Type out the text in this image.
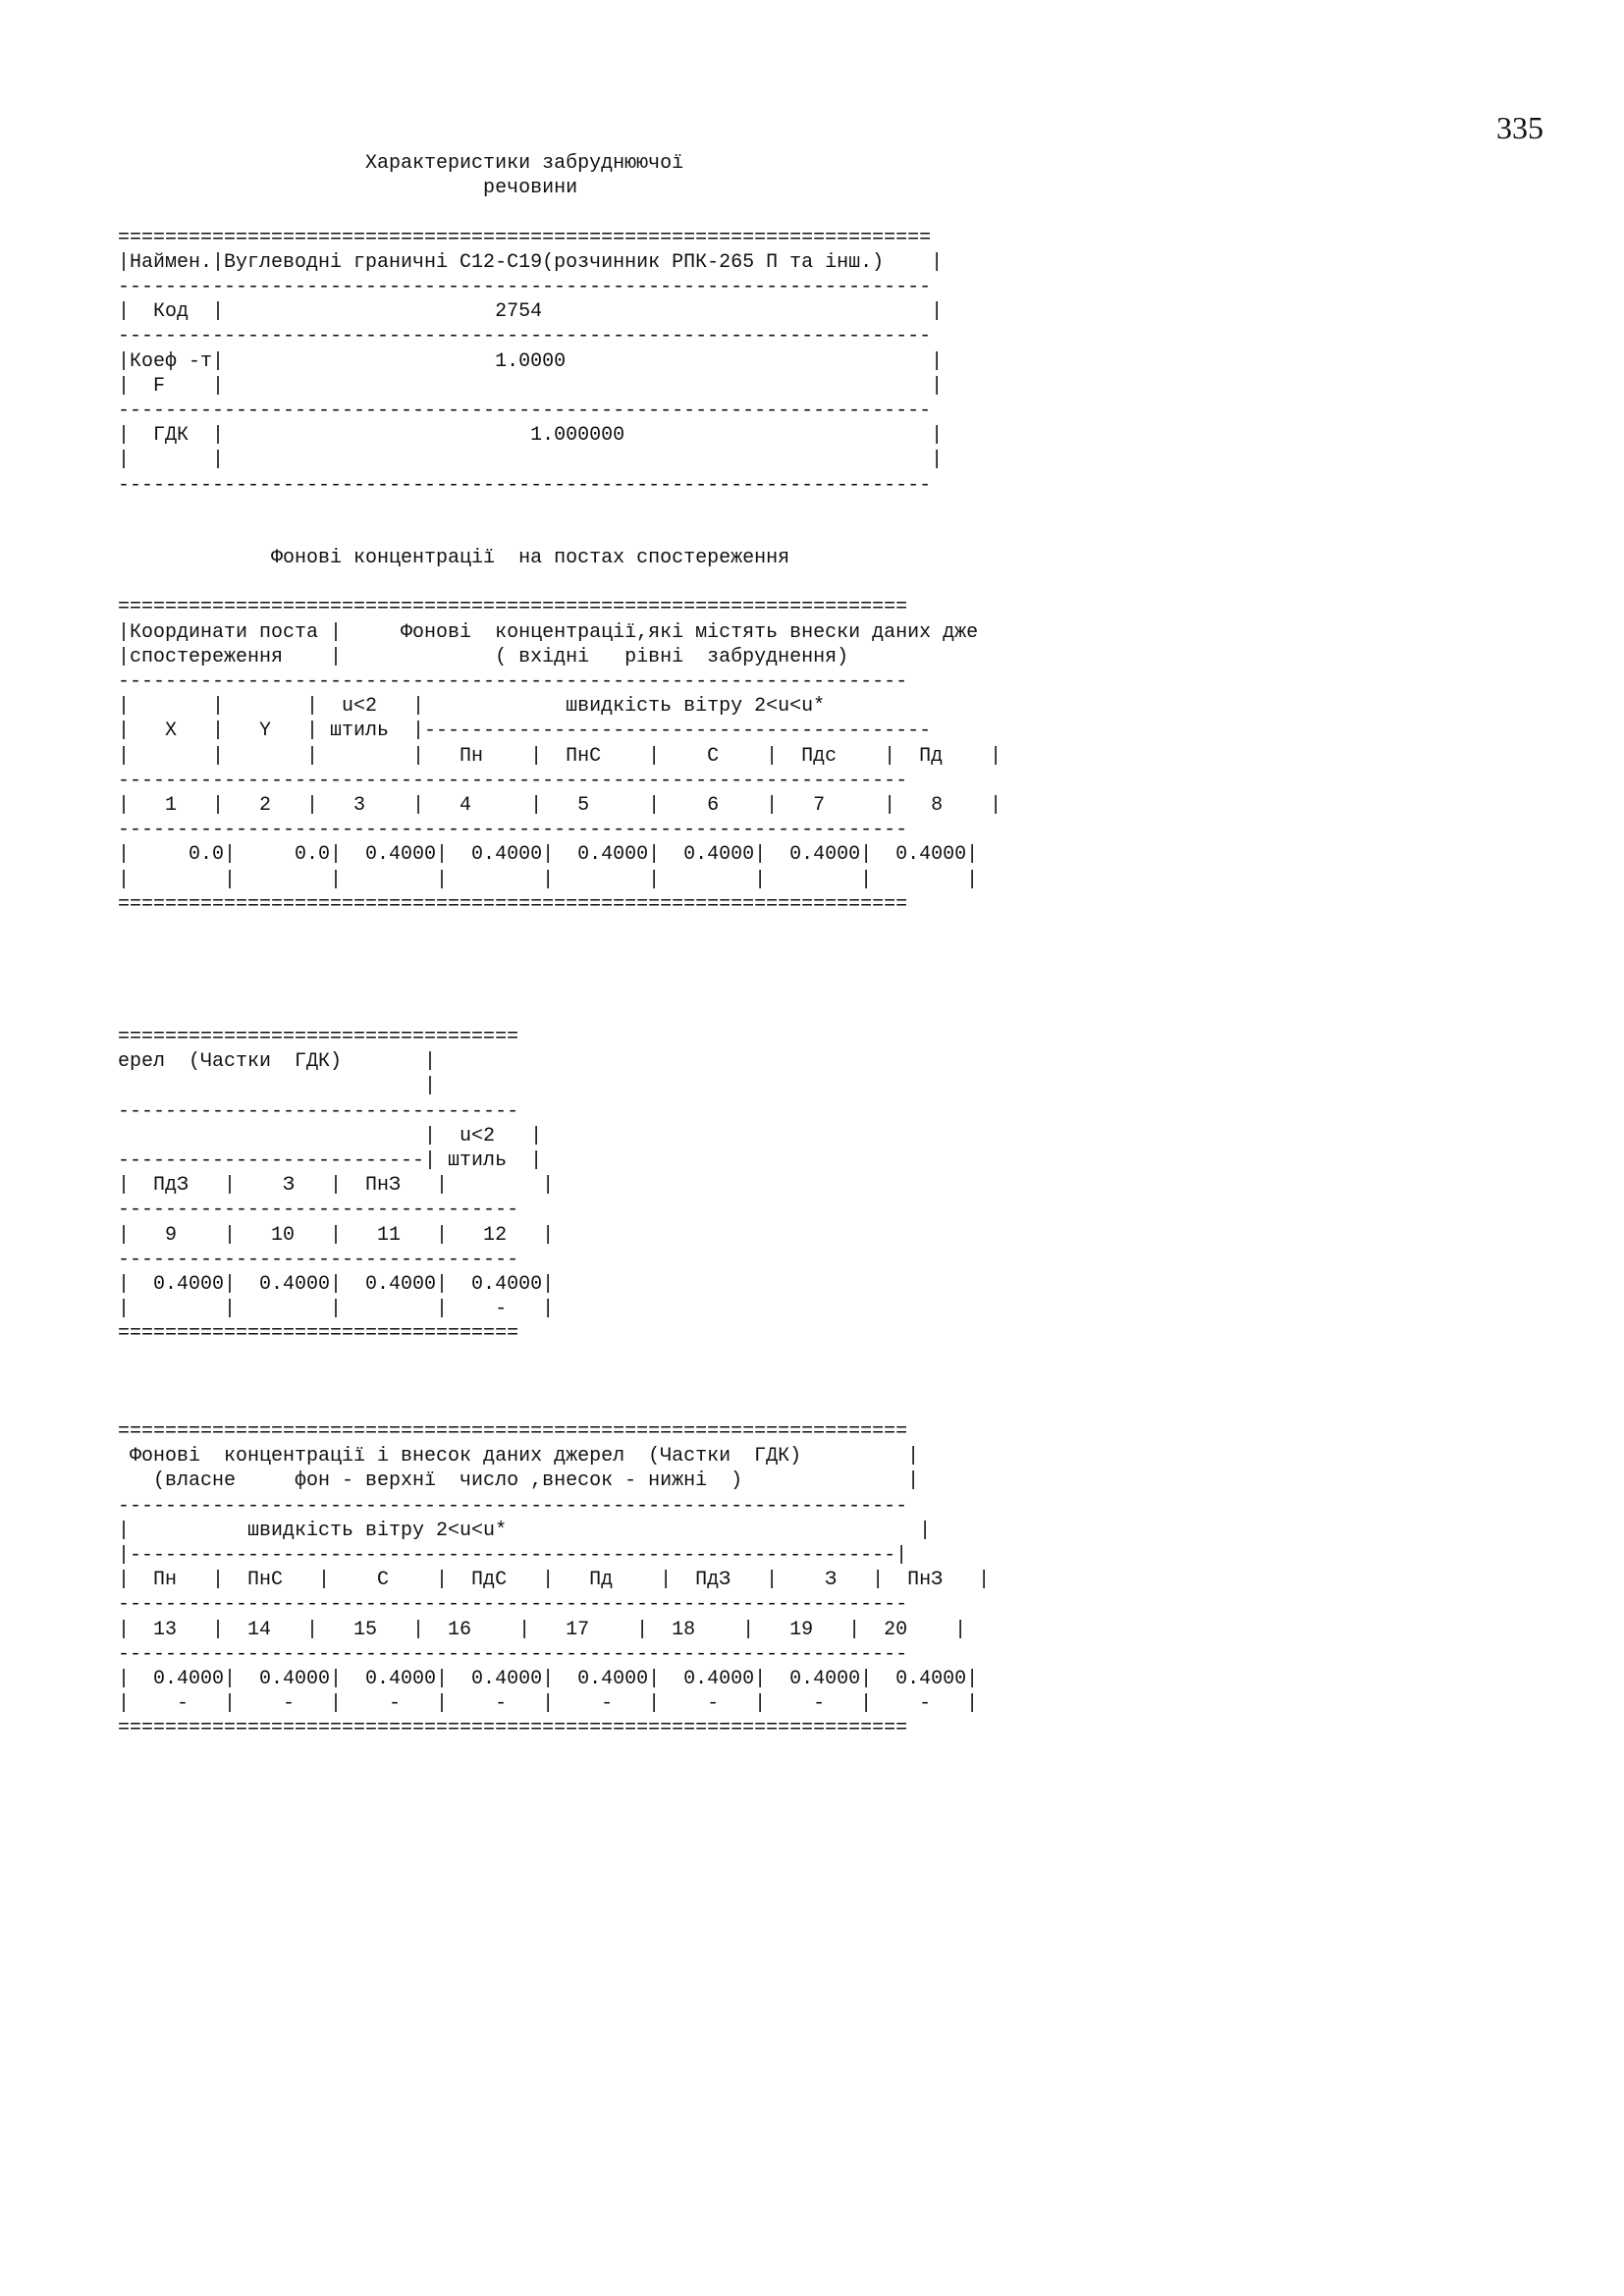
335
Характеристики забруднюючої
речовини

=====================================================================
|Наймен.|Вуглеводні граничні С12-С19(розчинник РПК-265 П та інш.)    |
---------------------------------------------------------------------
|  Код  |                       2754                                 |
---------------------------------------------------------------------
|Коеф -т|                       1.0000                               |
|  F    |                                                            |
---------------------------------------------------------------------
|  ГДК  |                          1.000000                          |
|       |                                                            |
---------------------------------------------------------------------
Фонові концентрації  на постах спостереження

===================================================================
|Координати поста |     Фонові  концентрації,які містять внески даних дже
|спостереження    |             ( вхідні   рівні  забруднення)
-------------------------------------------------------------------
|       |       |  u<2   |            швидкість вітру 2<u<u*
|   X   |   Y   | штиль  |-------------------------------------------
|       |       |        |   Пн    |  ПнС    |    С    |  Пдс    |  Пд    |
-------------------------------------------------------------------
|   1   |   2   |   3    |   4     |   5     |    6    |   7     |   8    |
-------------------------------------------------------------------
|     0.0|     0.0|  0.4000|  0.4000|  0.4000|  0.4000|  0.4000|  0.4000|
|        |        |        |        |        |        |        |        |
===================================================================
==================================
ерел  (Частки  ГДК)       |
|
----------------------------------
|  u<2   |
--------------------------| штиль  |
|  ПдЗ   |    З   |  ПнЗ   |        |
----------------------------------
|   9    |   10   |   11   |   12   |
----------------------------------
|  0.4000|  0.4000|  0.4000|  0.4000|
|        |        |        |    -   |
==================================
===================================================================
Фонові  концентрації і внесок даних джерел  (Частки  ГДК)         |
(власне     фон - верхнї  число ,внесок - нижні  )              |
-------------------------------------------------------------------
|          швидкість вітру 2<u<u*                                   |
|-----------------------------------------------------------------|
|  Пн   |  ПнС   |    С    |  ПдС   |   Пд    |  ПдЗ   |    З   |  ПнЗ   |
-------------------------------------------------------------------
|  13   |  14   |   15   |  16    |   17    |  18    |   19   |  20    |
-------------------------------------------------------------------
|  0.4000|  0.4000|  0.4000|  0.4000|  0.4000|  0.4000|  0.4000|  0.4000|
|    -   |    -   |    -   |    -   |    -   |    -   |    -   |    -   |
===================================================================
